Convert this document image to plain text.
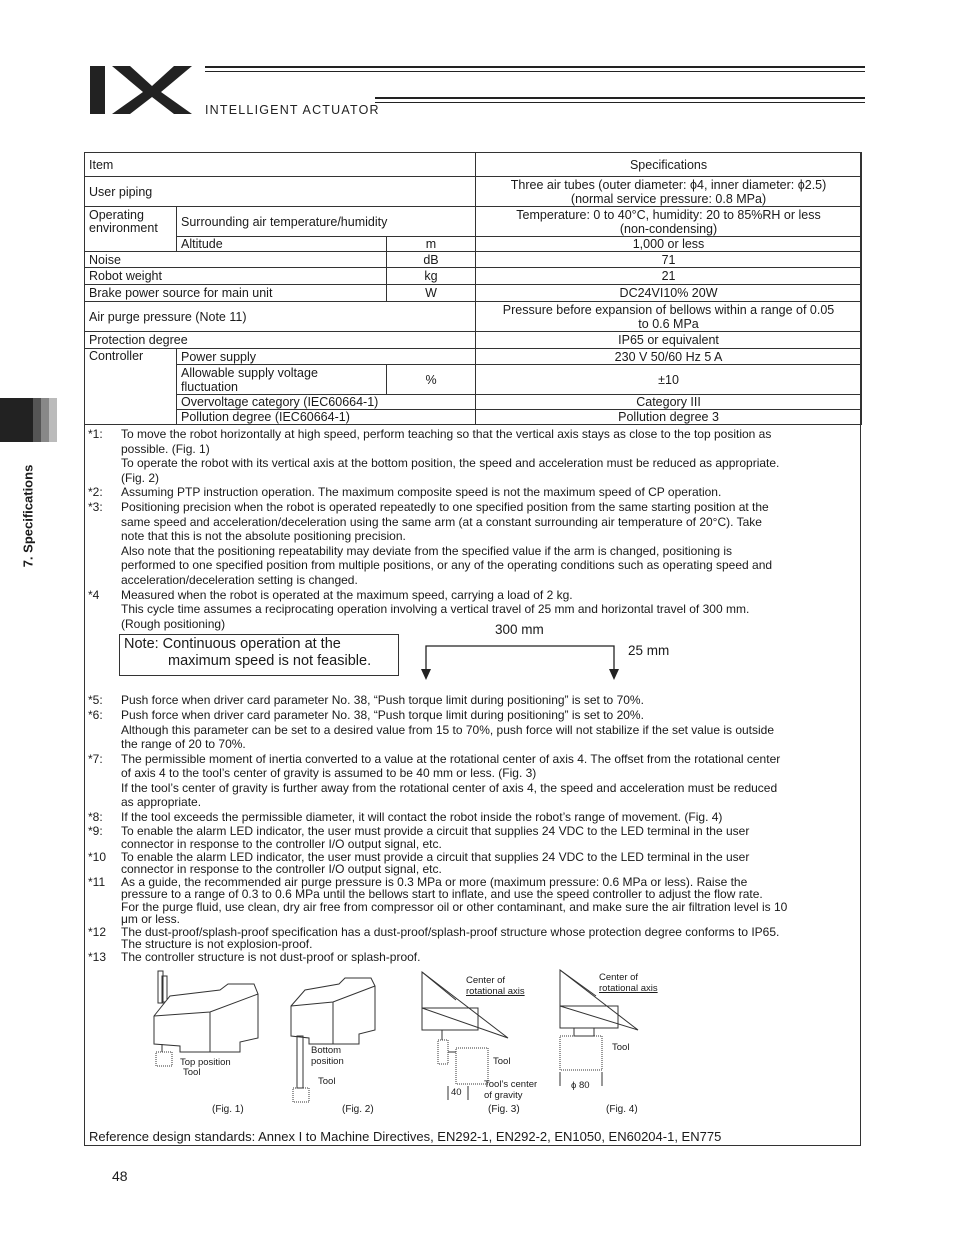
INTELLIGENT ACTUATOR
7. Specifications
Item			Specifications
User piping			Three air tubes (outer diameter: ϕ4, inner diameter: ϕ2.5)
(normal service pressure: 0.8 MPa)
Operating
environment	Surrounding air temperature/humidity		Temperature: 0 to 40°C, humidity: 20 to 85%RH or less
(non-condensing)
	Altitude	m	1,000 or less
Noise		dB	71
Robot weight		kg	21
Brake power source for main unit		W	DC24VI10% 20W
Air purge pressure (Note 11)			Pressure before expansion of bellows within a range of 0.05
to 0.6 MPa
Protection degree			IP65 or equivalent
Controller	Power supply		230 V 50/60 Hz 5 A
	Allowable supply voltage
fluctuation	%	±10
	Overvoltage category (IEC60664-1)		Category III
	Pollution degree (IEC60664-1)		Pollution degree 3
*1:	To move the robot horizontally at high speed, perform teaching so that the vertical axis stays as close to the top position as
possible. (Fig. 1)
To operate the robot with its vertical axis at the bottom position, the speed and acceleration must be reduced as appropriate.
(Fig. 2)
*2:	Assuming PTP instruction operation. The maximum composite speed is not the maximum speed of CP operation.
*3:	Positioning precision when the robot is operated repeatedly to one specified position from the same starting position at the
same speed and acceleration/deceleration using the same arm (at a constant surrounding air temperature of 20°C). Take
note that this is not the absolute positioning precision.
Also note that the positioning repeatability may deviate from the specified value if the arm is changed, positioning is
performed to one specified position from multiple positions, or any of the operating conditions such as operating speed and
acceleration/deceleration setting is changed.
*4	Measured when the robot is operated at the maximum speed, carrying a load of 2 kg.
This cycle time assumes a reciprocating operation involving a vertical travel of 25 mm and horizontal travel of 300 mm.
(Rough positioning)
*5:	Push force when driver card parameter No. 38, “Push torque limit during positioning” is set to 70%.
*6:	Push force when driver card parameter No. 38, “Push torque limit during positioning” is set to 20%.
Although this parameter can be set to a desired value from 15 to 70%, push force will not stabilize if the set value is outside
the range of 20 to 70%.
*7:	The permissible moment of inertia converted to a value at the rotational center of axis 4. The offset from the rotational center
of axis 4 to the tool’s center of gravity is assumed to be 40 mm or less. (Fig. 3)
If the tool’s center of gravity is further away from the rotational center of axis 4, the speed and acceleration must be reduced
as appropriate.
*8:	If the tool exceeds the permissible diameter, it will contact the robot inside the robot’s range of movement. (Fig. 4)
*9:	To enable the alarm LED indicator, the user must provide a circuit that supplies 24 VDC to the LED terminal in the user
connector in response to the controller I/O output signal, etc.
*10	To enable the alarm LED indicator, the user must provide a circuit that supplies 24 VDC to the LED terminal in the user
connector in response to the controller I/O output signal, etc.
*11	As a guide, the recommended air purge pressure is 0.3 MPa or more (maximum pressure: 0.6 MPa or less). Raise the
pressure to a range of 0.3 to 0.6 MPa until the bellows start to inflate, and use the speed controller to adjust the flow rate.
For the purge fluid, use clean, dry air free from compressor oil or other contaminant, and make sure the air filtration level is 10
μm or less.
*12	The dust-proof/splash-proof specification has a dust-proof/splash-proof structure whose protection degree conforms to IP65.
The structure is not explosion-proof.
*13	The controller structure is not dust-proof or splash-proof.
Note: Continuous operation at the
maximum speed is not feasible.
300 mm
25 mm
Top position
Tool
(Fig. 1)
Bottom
position
Tool
(Fig. 2)
Center of
rotational axis
Tool
Tool’s center
of gravity
40
(Fig. 3)
Center of
rotational axis
Tool
ϕ 80
(Fig. 4)
Reference design standards: Annex I to Machine Directives, EN292-1, EN292-2, EN1050, EN60204-1, EN775
48
